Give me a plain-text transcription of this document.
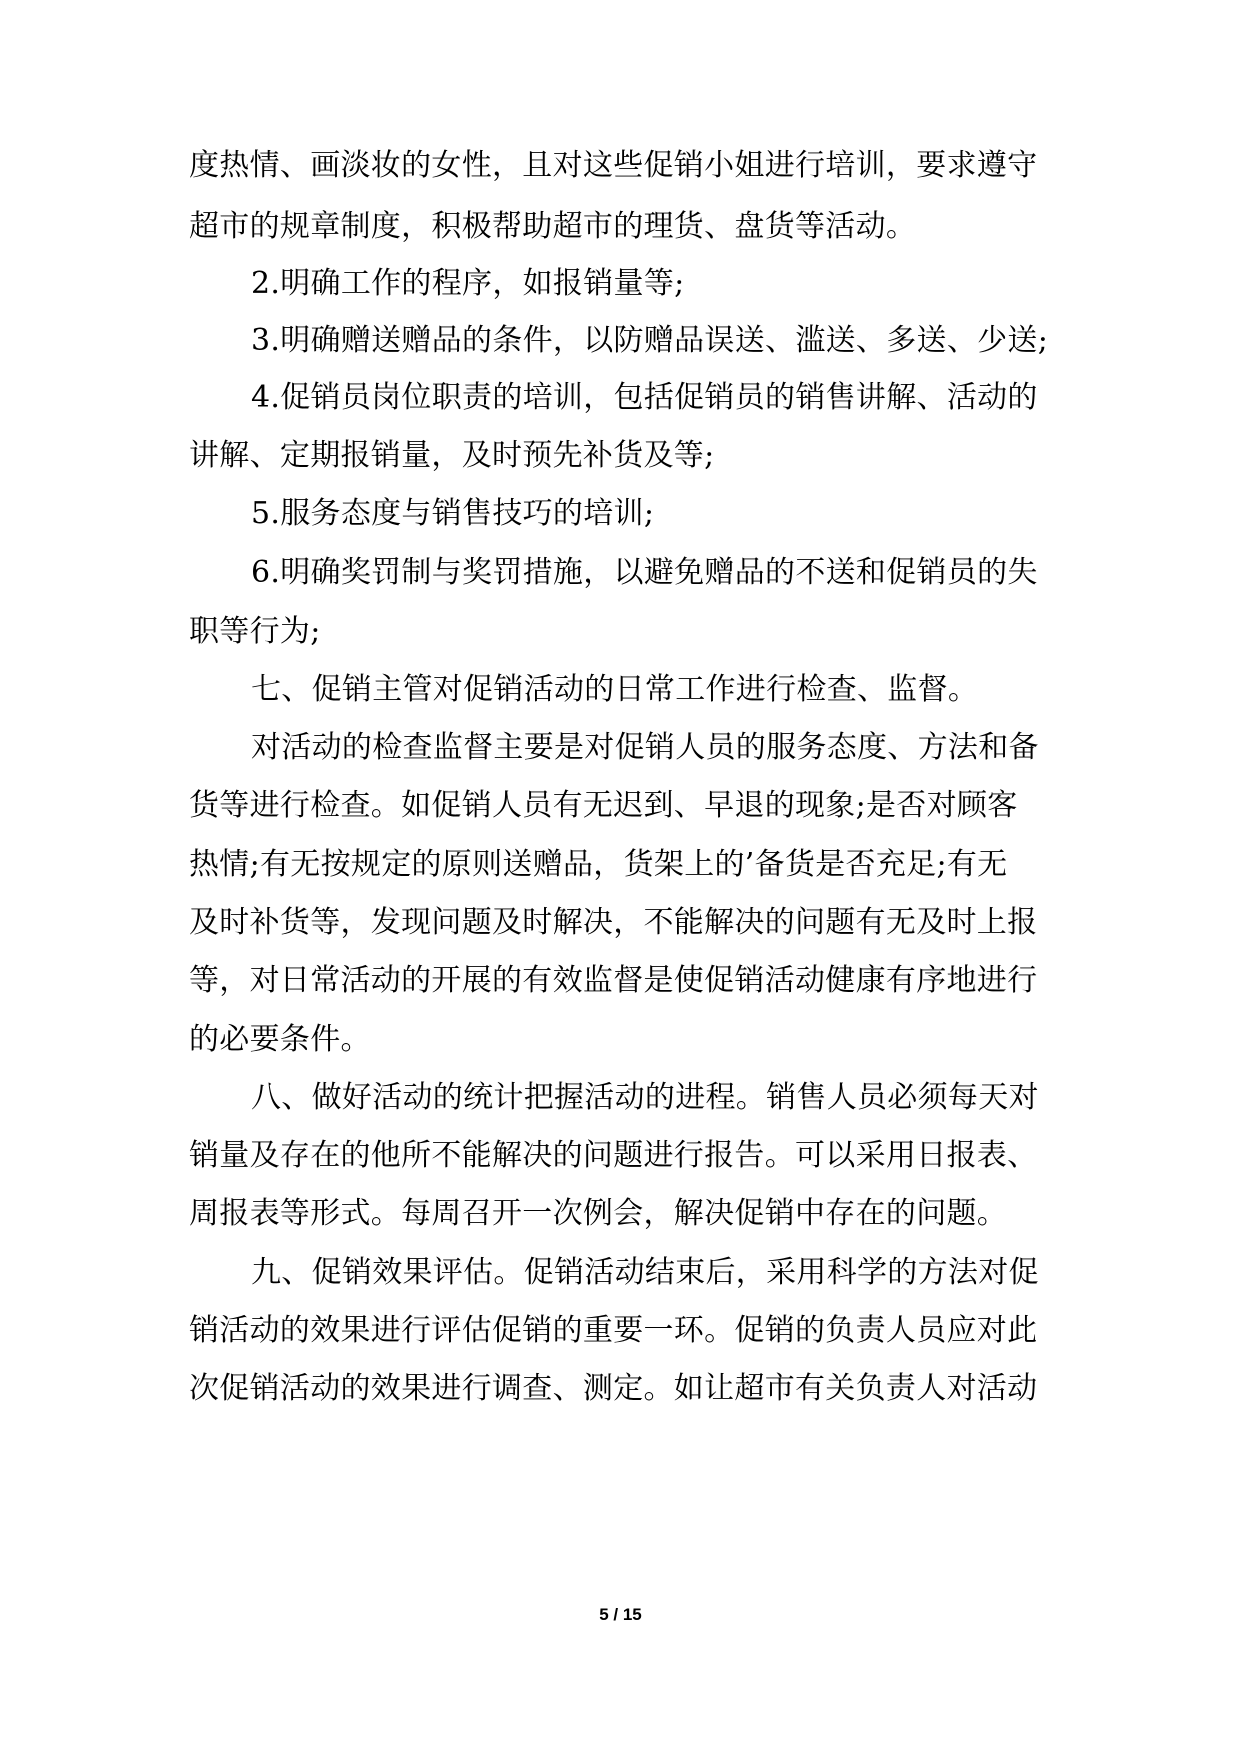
度热情、画淡妆的女性，且对这些促销小姐进行培训，要求遵守
超市的规章制度，积极帮助超市的理货、盘货等活动。
2.明确工作的程序，如报销量等;
3.明确赠送赠品的条件，以防赠品误送、滥送、多送、少送;
4.促销员岗位职责的培训，包括促销员的销售讲解、活动的
讲解、定期报销量，及时预先补货及等;
5.服务态度与销售技巧的培训;
6.明确奖罚制与奖罚措施，以避免赠品的不送和促销员的失
职等行为;
七、促销主管对促销活动的日常工作进行检查、监督。
对活动的检查监督主要是对促销人员的服务态度、方法和备
货等进行检查。如促销人员有无迟到、早退的现象;是否对顾客
热情;有无按规定的原则送赠品，货架上的’备货是否充足;有无
及时补货等，发现问题及时解决，不能解决的问题有无及时上报
等，对日常活动的开展的有效监督是使促销活动健康有序地进行
的必要条件。
八、做好活动的统计把握活动的进程。销售人员必须每天对
销量及存在的他所不能解决的问题进行报告。可以采用日报表、
周报表等形式。每周召开一次例会，解决促销中存在的问题。
九、促销效果评估。促销活动结束后，采用科学的方法对促
销活动的效果进行评估促销的重要一环。促销的负责人员应对此
次促销活动的效果进行调查、测定。如让超市有关负责人对活动
5 / 15
